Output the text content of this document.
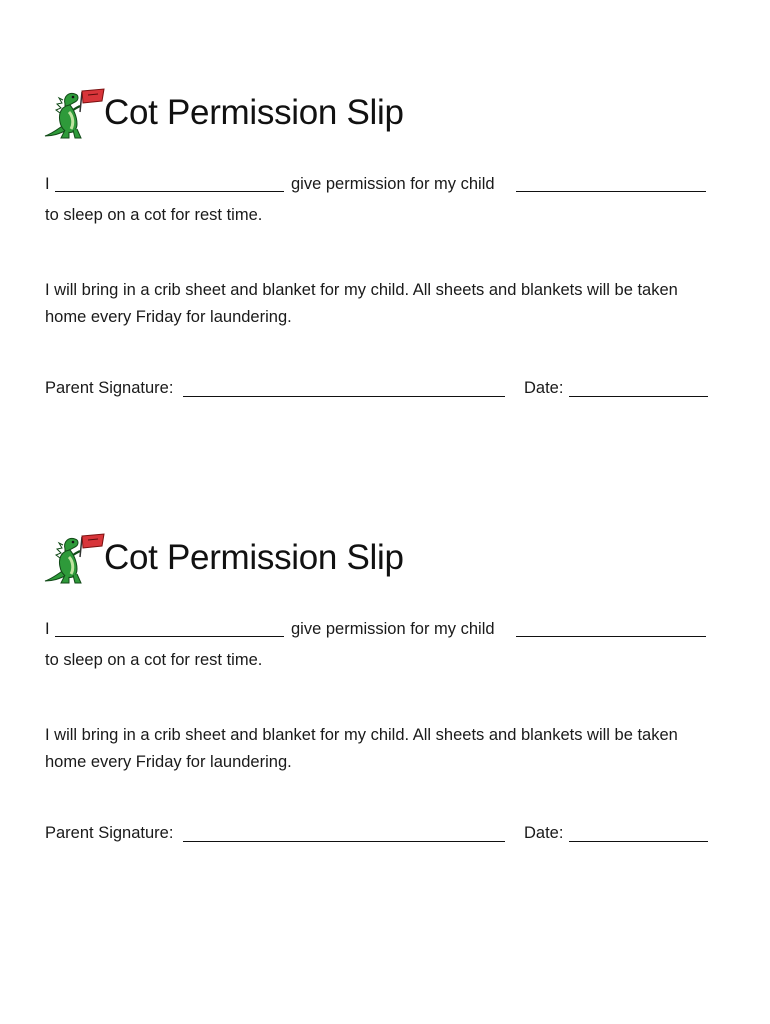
Cot Permission Slip
I	give permission for my child
to sleep on a cot for rest time.
I will bring in a crib sheet and blanket for my child. All sheets and blankets will be taken home every Friday for laundering.
Parent Signature:	Date:
Cot Permission Slip
I	give permission for my child
to sleep on a cot for rest time.
I will bring in a crib sheet and blanket for my child. All sheets and blankets will be taken home every Friday for laundering.
Parent Signature:	Date:
